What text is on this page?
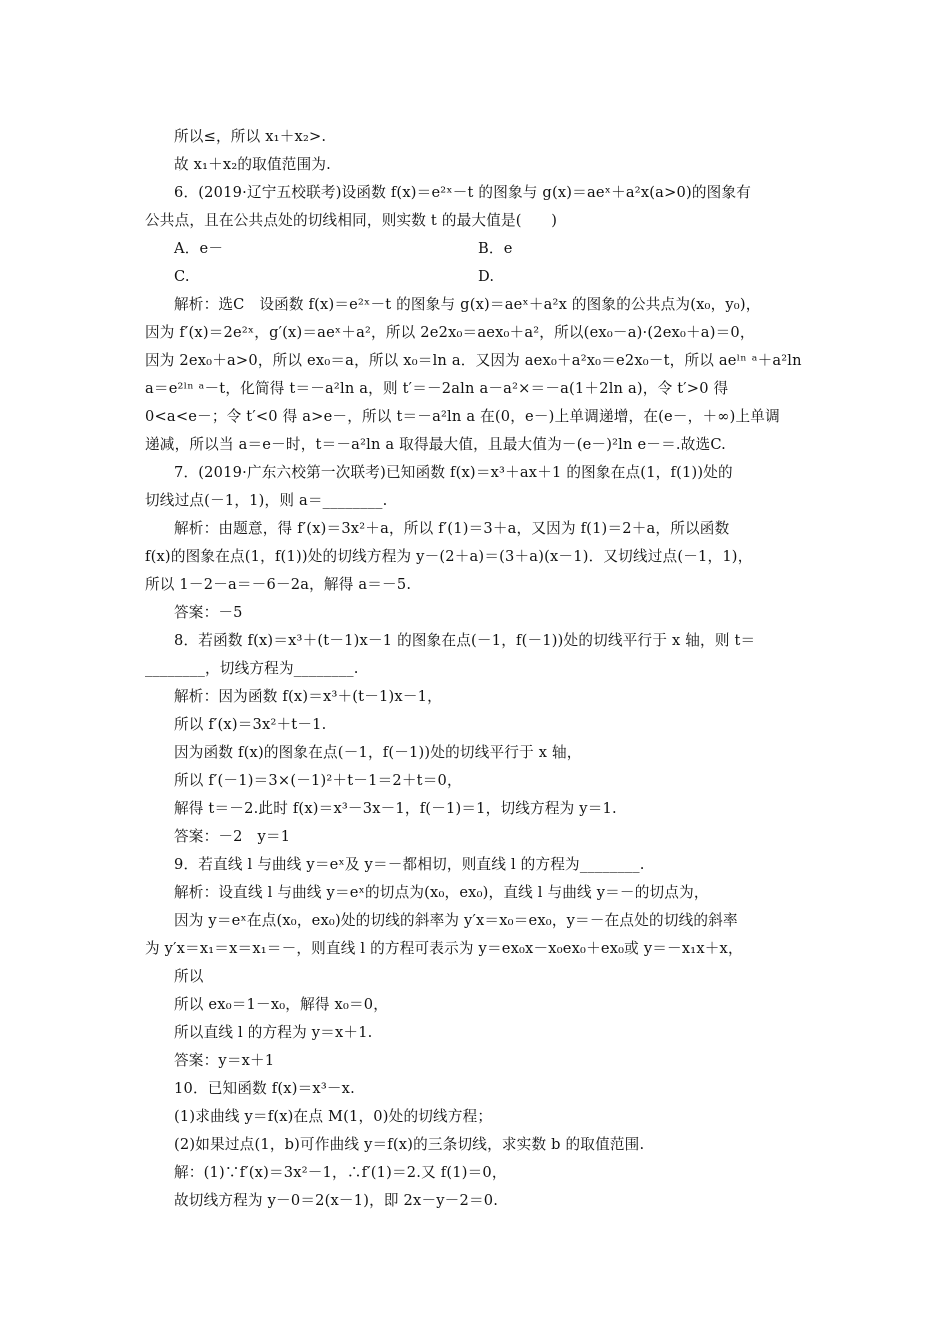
所以≤，所以 x₁＋x₂>.
故 x₁＋x₂的取值范围为.
6．(2019·辽宁五校联考)设函数 f(x)＝e²ˣ－t 的图象与 g(x)＝aeˣ＋a²x(a>0)的图象有
公共点，且在公共点处的切线相同，则实数 t 的最大值是(　　)
A．e－	B．e
C.	D.
解析：选C　设函数 f(x)＝e²ˣ－t 的图象与 g(x)＝aeˣ＋a²x 的图象的公共点为(x₀，y₀)，
因为 f′(x)＝2e²ˣ，g′(x)＝aeˣ＋a²，所以 2e2x₀＝aex₀＋a²，所以(ex₀－a)·(2ex₀＋a)＝0，
因为 2ex₀＋a>0，所以 ex₀＝a，所以 x₀＝ln a．又因为 aex₀＋a²x₀＝e2x₀－t，所以 aeˡⁿ ᵃ＋a²ln
a＝e²ˡⁿ ᵃ－t，化简得 t＝－a²ln a，则 t′＝－2aln a－a²×＝－a(1＋2ln a)，令 t′>0 得
0<a<e－；令 t′<0 得 a>e－，所以 t＝－a²ln a 在(0，e－)上单调递增，在(e－，＋∞)上单调
递减，所以当 a＝e－时，t＝－a²ln a 取得最大值，且最大值为－(e－)²ln e－＝.故选C.
7．(2019·广东六校第一次联考)已知函数 f(x)＝x³＋ax＋1 的图象在点(1，f(1))处的
切线过点(－1，1)，则 a＝________.
解析：由题意，得 f′(x)＝3x²＋a，所以 f′(1)＝3＋a，又因为 f(1)＝2＋a，所以函数
f(x)的图象在点(1，f(1))处的切线方程为 y－(2＋a)＝(3＋a)(x－1)．又切线过点(－1，1)，
所以 1－2－a＝－6－2a，解得 a＝－5.
答案：－5
8．若函数 f(x)＝x³＋(t－1)x－1 的图象在点(－1，f(－1))处的切线平行于 x 轴，则 t＝
________，切线方程为________.
解析：因为函数 f(x)＝x³＋(t－1)x－1，
所以 f′(x)＝3x²＋t－1.
因为函数 f(x)的图象在点(－1，f(－1))处的切线平行于 x 轴，
所以 f′(－1)＝3×(－1)²＋t－1＝2＋t＝0，
解得 t＝－2.此时 f(x)＝x³－3x－1，f(－1)＝1，切线方程为 y＝1.
答案：－2　y＝1
9．若直线 l 与曲线 y＝eˣ及 y＝－都相切，则直线 l 的方程为________.
解析：设直线 l 与曲线 y＝eˣ的切点为(x₀，ex₀)，直线 l 与曲线 y＝－的切点为，
因为 y＝eˣ在点(x₀，ex₀)处的切线的斜率为 y′x＝x₀＝ex₀，y＝－在点处的切线的斜率
为 y′x＝x₁＝x＝x₁＝－，则直线 l 的方程可表示为 y＝ex₀x－x₀ex₀＋ex₀或 y＝－x₁x＋x，
所以
所以 ex₀＝1－x₀，解得 x₀＝0，
所以直线 l 的方程为 y＝x＋1.
答案：y＝x＋1
10．已知函数 f(x)＝x³－x.
(1)求曲线 y＝f(x)在点 M(1，0)处的切线方程；
(2)如果过点(1，b)可作曲线 y＝f(x)的三条切线，求实数 b 的取值范围.
解：(1)∵f′(x)＝3x²－1，∴f′(1)＝2.又 f(1)＝0，
故切线方程为 y－0＝2(x－1)，即 2x－y－2＝0.
